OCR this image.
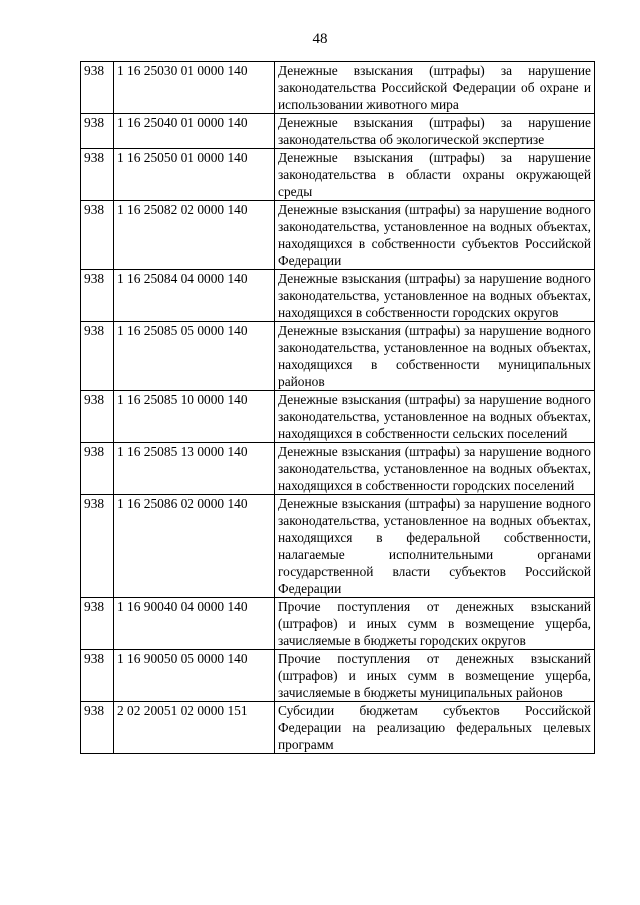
48
938	1 16 25030 01 0000 140	Денежные взыскания (штрафы) за нарушение законодательства Российской Федерации об охране и использовании животного мира
938	1 16 25040 01 0000 140	Денежные взыскания (штрафы) за нарушение законодательства об экологической экспертизе
938	1 16 25050 01 0000 140	Денежные взыскания (штрафы) за нарушение законодательства в области охраны окружающей среды
938	1 16 25082 02 0000 140	Денежные взыскания (штрафы) за нарушение водного законодательства, установленное на водных объектах, находящихся в собственности субъектов Российской Федерации
938	1 16 25084 04 0000 140	Денежные взыскания (штрафы) за нарушение водного законодательства, установленное на водных объектах, находящихся в собственности городских округов
938	1 16 25085 05 0000 140	Денежные взыскания (штрафы) за нарушение водного законодательства, установленное на водных объектах, находящихся в собственности муниципальных районов
938	1 16 25085 10 0000 140	Денежные взыскания (штрафы) за нарушение водного законодательства, установленное на водных объектах, находящихся в собственности сельских поселений
938	1 16 25085 13 0000 140	Денежные взыскания (штрафы) за нарушение водного законодательства, установленное на водных объектах, находящихся в собственности городских поселений
938	1 16 25086 02 0000 140	Денежные взыскания (штрафы) за нарушение водного законодательства, установленное на водных объектах, находящихся в федеральной собственности, налагаемые исполнительными органами государственной власти субъектов Российской Федерации
938	1 16 90040 04 0000 140	Прочие поступления от денежных взысканий (штрафов) и иных сумм в возмещение ущерба, зачисляемые в бюджеты городских округов
938	1 16 90050 05 0000 140	Прочие поступления от денежных взысканий (штрафов) и иных сумм в возмещение ущерба, зачисляемые в бюджеты муниципальных районов
938	2 02 20051 02 0000 151	Субсидии бюджетам субъектов Российской Федерации на реализацию федеральных целевых программ
